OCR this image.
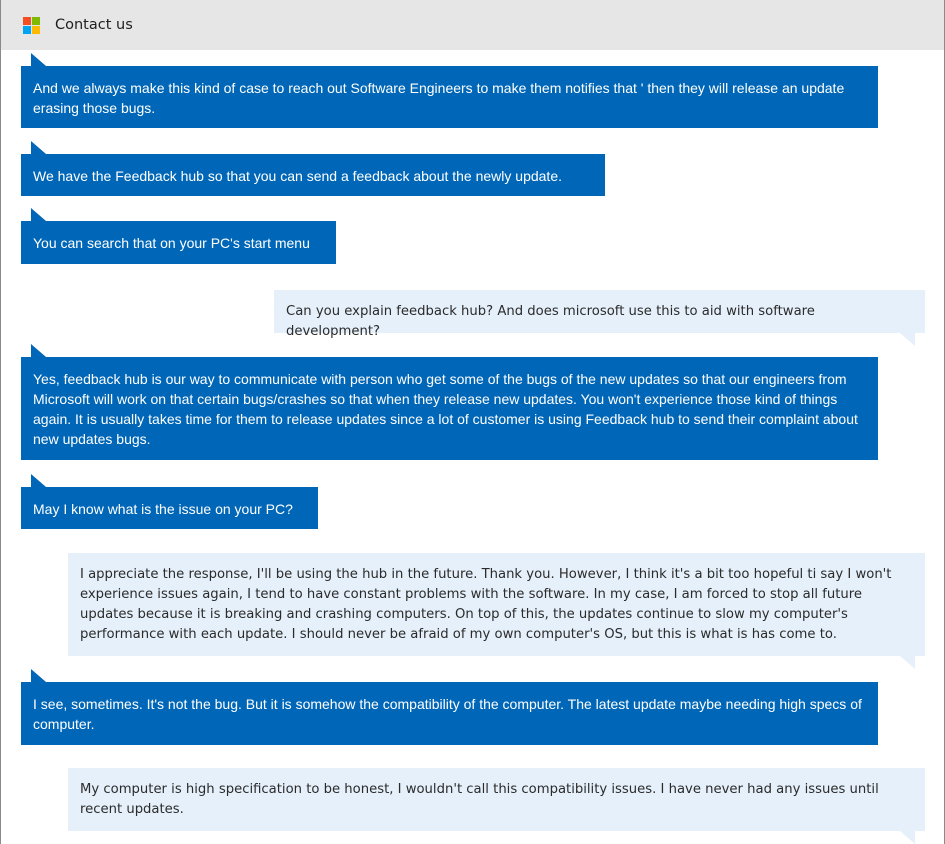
Contact us
And we always make this kind of case to reach out Software Engineers to make them notifies that ' then they will release an update erasing those bugs.
We have the Feedback hub so that you can send a feedback about the newly update.
You can search that on your PC's start menu
Can you explain feedback hub? And does microsoft use this to aid with software development?
Yes, feedback hub is our way to communicate with person who get some of the bugs of the new updates so that our engineers from Microsoft will work on that certain bugs/crashes so that when they release new updates. You won't experience those kind of things again. It is usually takes time for them to release updates since a lot of customer is using Feedback hub to send their complaint about new updates bugs.
May I know what is the issue on your PC?
I appreciate the response, I'll be using the hub in the future. Thank you. However, I think it's a bit too hopeful ti say I won't experience issues again, I tend to have constant problems with the software. In my case, I am forced to stop all future updates because it is breaking and crashing computers. On top of this, the updates continue to slow my computer's performance with each update. I should never be afraid of my own computer's OS, but this is what is has come to.
I see, sometimes. It's not the bug. But it is somehow the compatibility of the computer. The latest update maybe needing high specs of computer.
My computer is high specification to be honest, I wouldn't call this compatibility issues. I have never had any issues until recent updates.
